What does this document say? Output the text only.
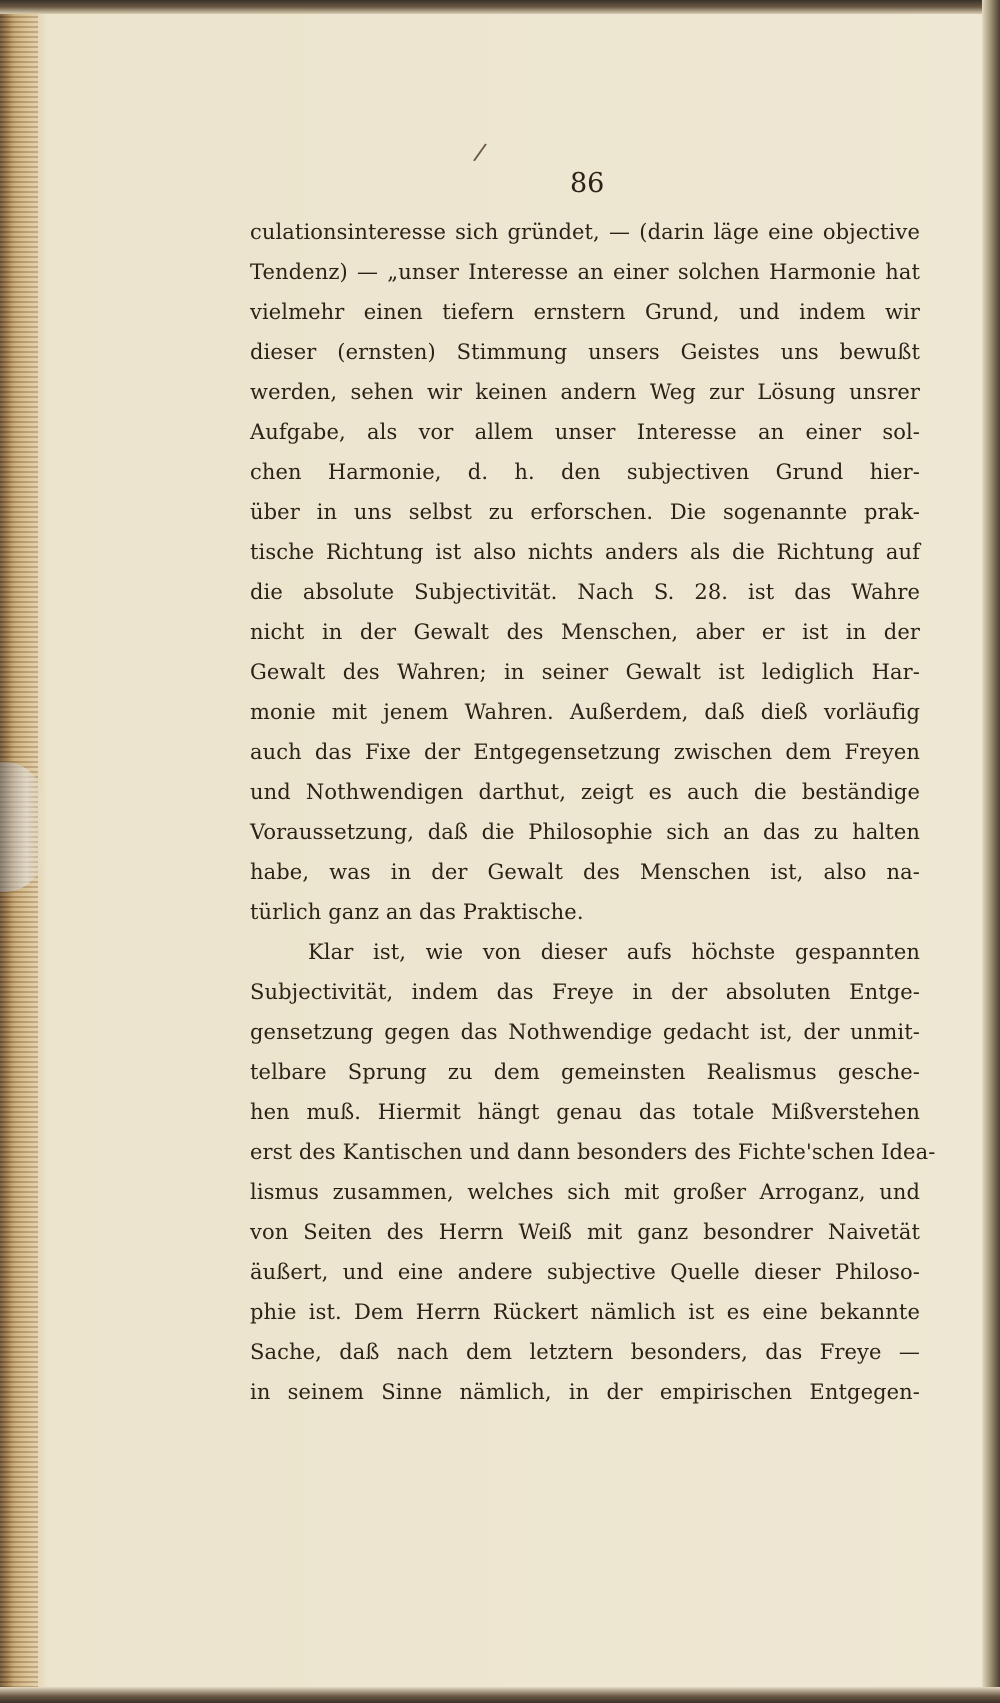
/
86
culationsinteresse sich gründet, — (darin läge eine objective
Tendenz) — „unser Interesse an einer solchen Harmonie hat
vielmehr einen tiefern ernstern Grund, und indem wir
dieser (ernsten) Stimmung unsers Geistes uns bewußt
werden, sehen wir keinen andern Weg zur Lösung unsrer
Aufgabe, als vor allem unser Interesse an einer sol-
chen Harmonie, d. h. den subjectiven Grund hier-
über in uns selbst zu erforschen. Die sogenannte prak-
tische Richtung ist also nichts anders als die Richtung auf
die absolute Subjectivität. Nach S. 28. ist das Wahre
nicht in der Gewalt des Menschen, aber er ist in der
Gewalt des Wahren; in seiner Gewalt ist lediglich Har-
monie mit jenem Wahren. Außerdem, daß dieß vorläufig
auch das Fixe der Entgegensetzung zwischen dem Freyen
und Nothwendigen darthut, zeigt es auch die beständige
Voraussetzung, daß die Philosophie sich an das zu halten
habe, was in der Gewalt des Menschen ist, also na-
türlich ganz an das Praktische.
Klar ist, wie von dieser aufs höchste gespannten
Subjectivität, indem das Freye in der absoluten Entge-
gensetzung gegen das Nothwendige gedacht ist, der unmit-
telbare Sprung zu dem gemeinsten Realismus gesche-
hen muß. Hiermit hängt genau das totale Mißverstehen
erst des Kantischen und dann besonders des Fichte'schen Idea-
lismus zusammen, welches sich mit großer Arroganz, und
von Seiten des Herrn Weiß mit ganz besondrer Naivetät
äußert, und eine andere subjective Quelle dieser Philoso-
phie ist. Dem Herrn Rückert nämlich ist es eine bekannte
Sache, daß nach dem letztern besonders, das Freye —
in seinem Sinne nämlich, in der empirischen Entgegen-
